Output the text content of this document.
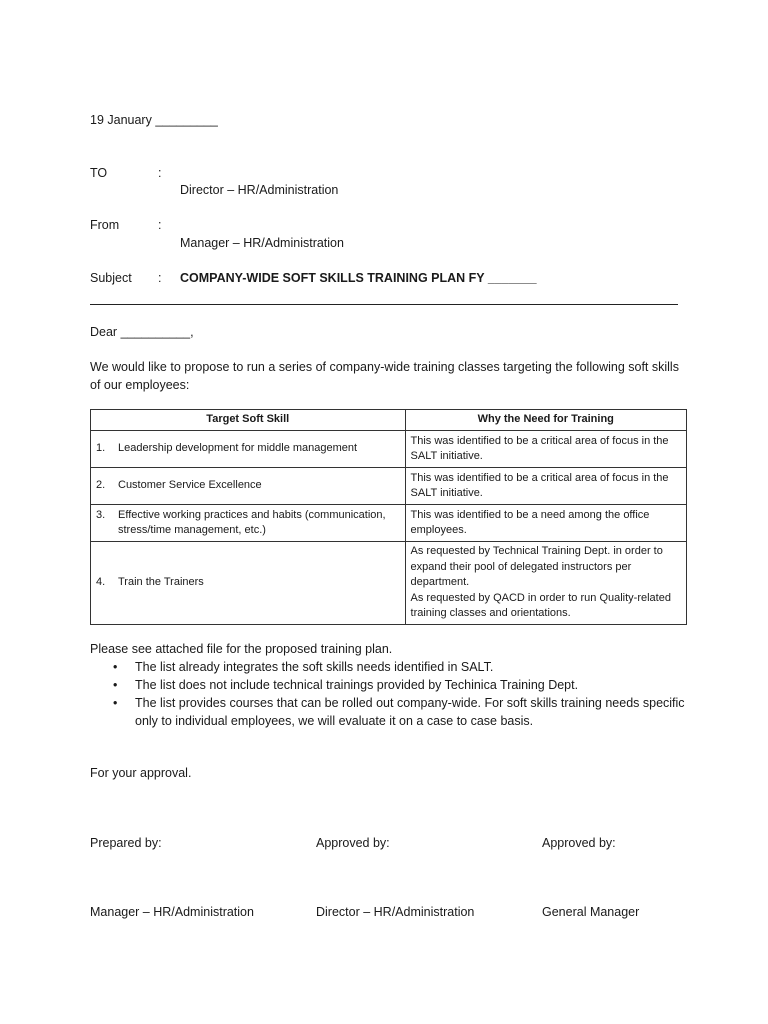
19 January _________
TO	:
Director – HR/Administration
From	:
Manager – HR/Administration
Subject : COMPANY-WIDE SOFT SKILLS TRAINING PLAN FY _______
Dear __________,
We would like to propose to run a series of company-wide training classes targeting the following soft skills of our employees:
Target Soft Skill	Why the Need for Training
1. Leadership development for middle management	This was identified to be a critical area of focus in the SALT initiative.
2. Customer Service Excellence	This was identified to be a critical area of focus in the SALT initiative.
3. Effective working practices and habits (communication, stress/time management, etc.)	This was identified to be a need among the office employees.
4. Train the Trainers	As requested by Technical Training Dept. in order to expand their pool of delegated instructors per department.
As requested by QACD in order to run Quality-related training classes and orientations.
Please see attached file for the proposed training plan.
• The list already integrates the soft skills needs identified in SALT.
• The list does not include technical trainings provided by Techinica Training Dept.
• The list provides courses that can be rolled out company-wide. For soft skills training needs specific only to individual employees, we will evaluate it on a case to case basis.
For your approval.
Prepared by:	Approved by:	Approved by:
Manager – HR/Administration	Director – HR/Administration	General Manager
